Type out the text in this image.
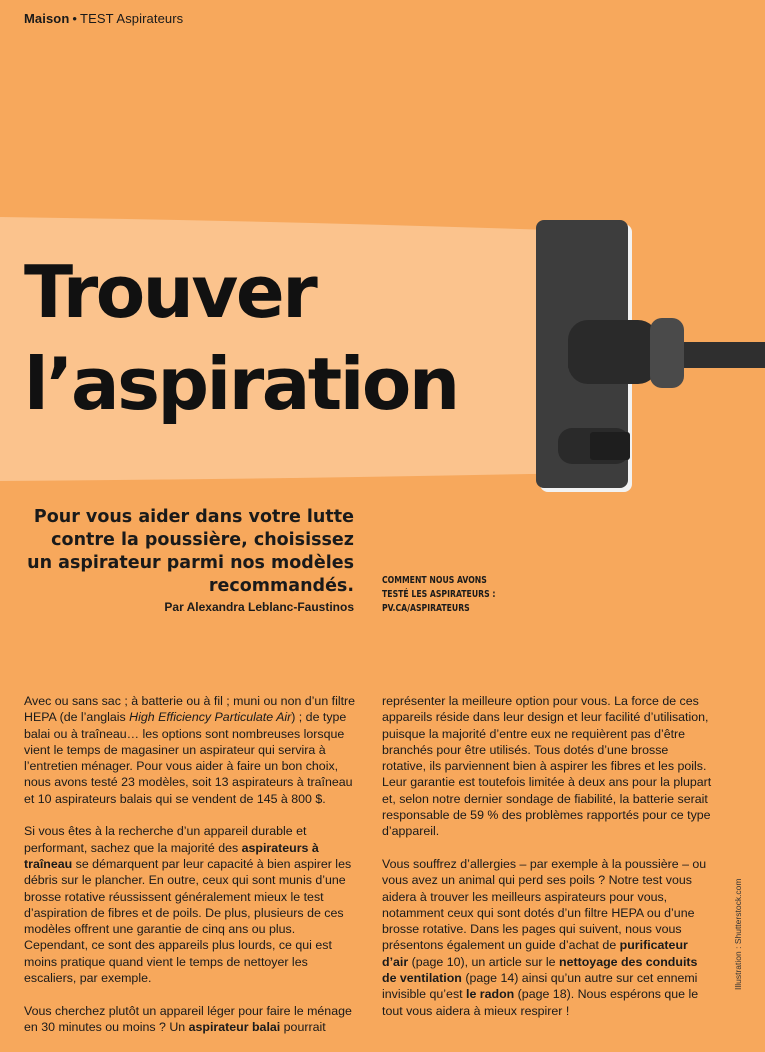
Maison • TEST Aspirateurs
Trouver
l’aspiration

Pour vous aider dans votre lutte contre la poussière, choisissez un aspirateur parmi nos modèles recommandés.

Par Alexandra Leblanc-Faustinos
COMMENT NOUS AVONS
TESTÉ LES ASPIRATEURS :
PV.CA/ASPIRATEURS

Avec ou sans sac ; à batterie ou à fil ; muni ou non d’un filtre HEPA (de l’anglais High Efficiency Particulate Air) ; de type balai ou à traîneau… les options sont nombreuses lorsque vient le temps de magasiner un aspirateur qui servira à l’entretien ménager. Pour vous aider à faire un bon choix, nous avons testé 23 modèles, soit 13 aspirateurs à traîneau et 10 aspirateurs balais qui se vendent de 145 à 800 $.

Si vous êtes à la recherche d’un appareil durable et performant, sachez que la majorité des aspirateurs à traîneau se démarquent par leur capacité à bien aspirer les débris sur le plancher. En outre, ceux qui sont munis d’une brosse rotative réussissent généralement mieux le test d’aspiration de fibres et de poils. De plus, plusieurs de ces modèles offrent une garantie de cinq ans ou plus. Cependant, ce sont des appareils plus lourds, ce qui est moins pratique quand vient le temps de nettoyer les escaliers, par exemple.

Vous cherchez plutôt un appareil léger pour faire le ménage en 30 minutes ou moins ? Un aspirateur balai pourrait

représenter la meilleure option pour vous. La force de ces appareils réside dans leur design et leur facilité d’utilisation, puisque la majorité d’entre eux ne requièrent pas d’être branchés pour être utilisés. Tous dotés d’une brosse rotative, ils parviennent bien à aspirer les fibres et les poils. Leur garantie est toutefois limitée à deux ans pour la plupart et, selon notre dernier sondage de fiabilité, la batterie serait responsable de 59 % des problèmes rapportés pour ce type d’appareil.

Vous souffrez d’allergies – par exemple à la poussière – ou vous avez un animal qui perd ses poils ? Notre test vous aidera à trouver les meilleurs aspirateurs pour vous, notamment ceux qui sont dotés d’un filtre HEPA ou d’une brosse rotative. Dans les pages qui suivent, nous vous présentons également un guide d’achat de purificateur d’air (page 10), un article sur le nettoyage des conduits de ventilation (page 14) ainsi qu’un autre sur cet ennemi invisible qu’est le radon (page 18). Nous espérons que le tout vous aidera à mieux respirer !

Illustration : Shutterstock.com
